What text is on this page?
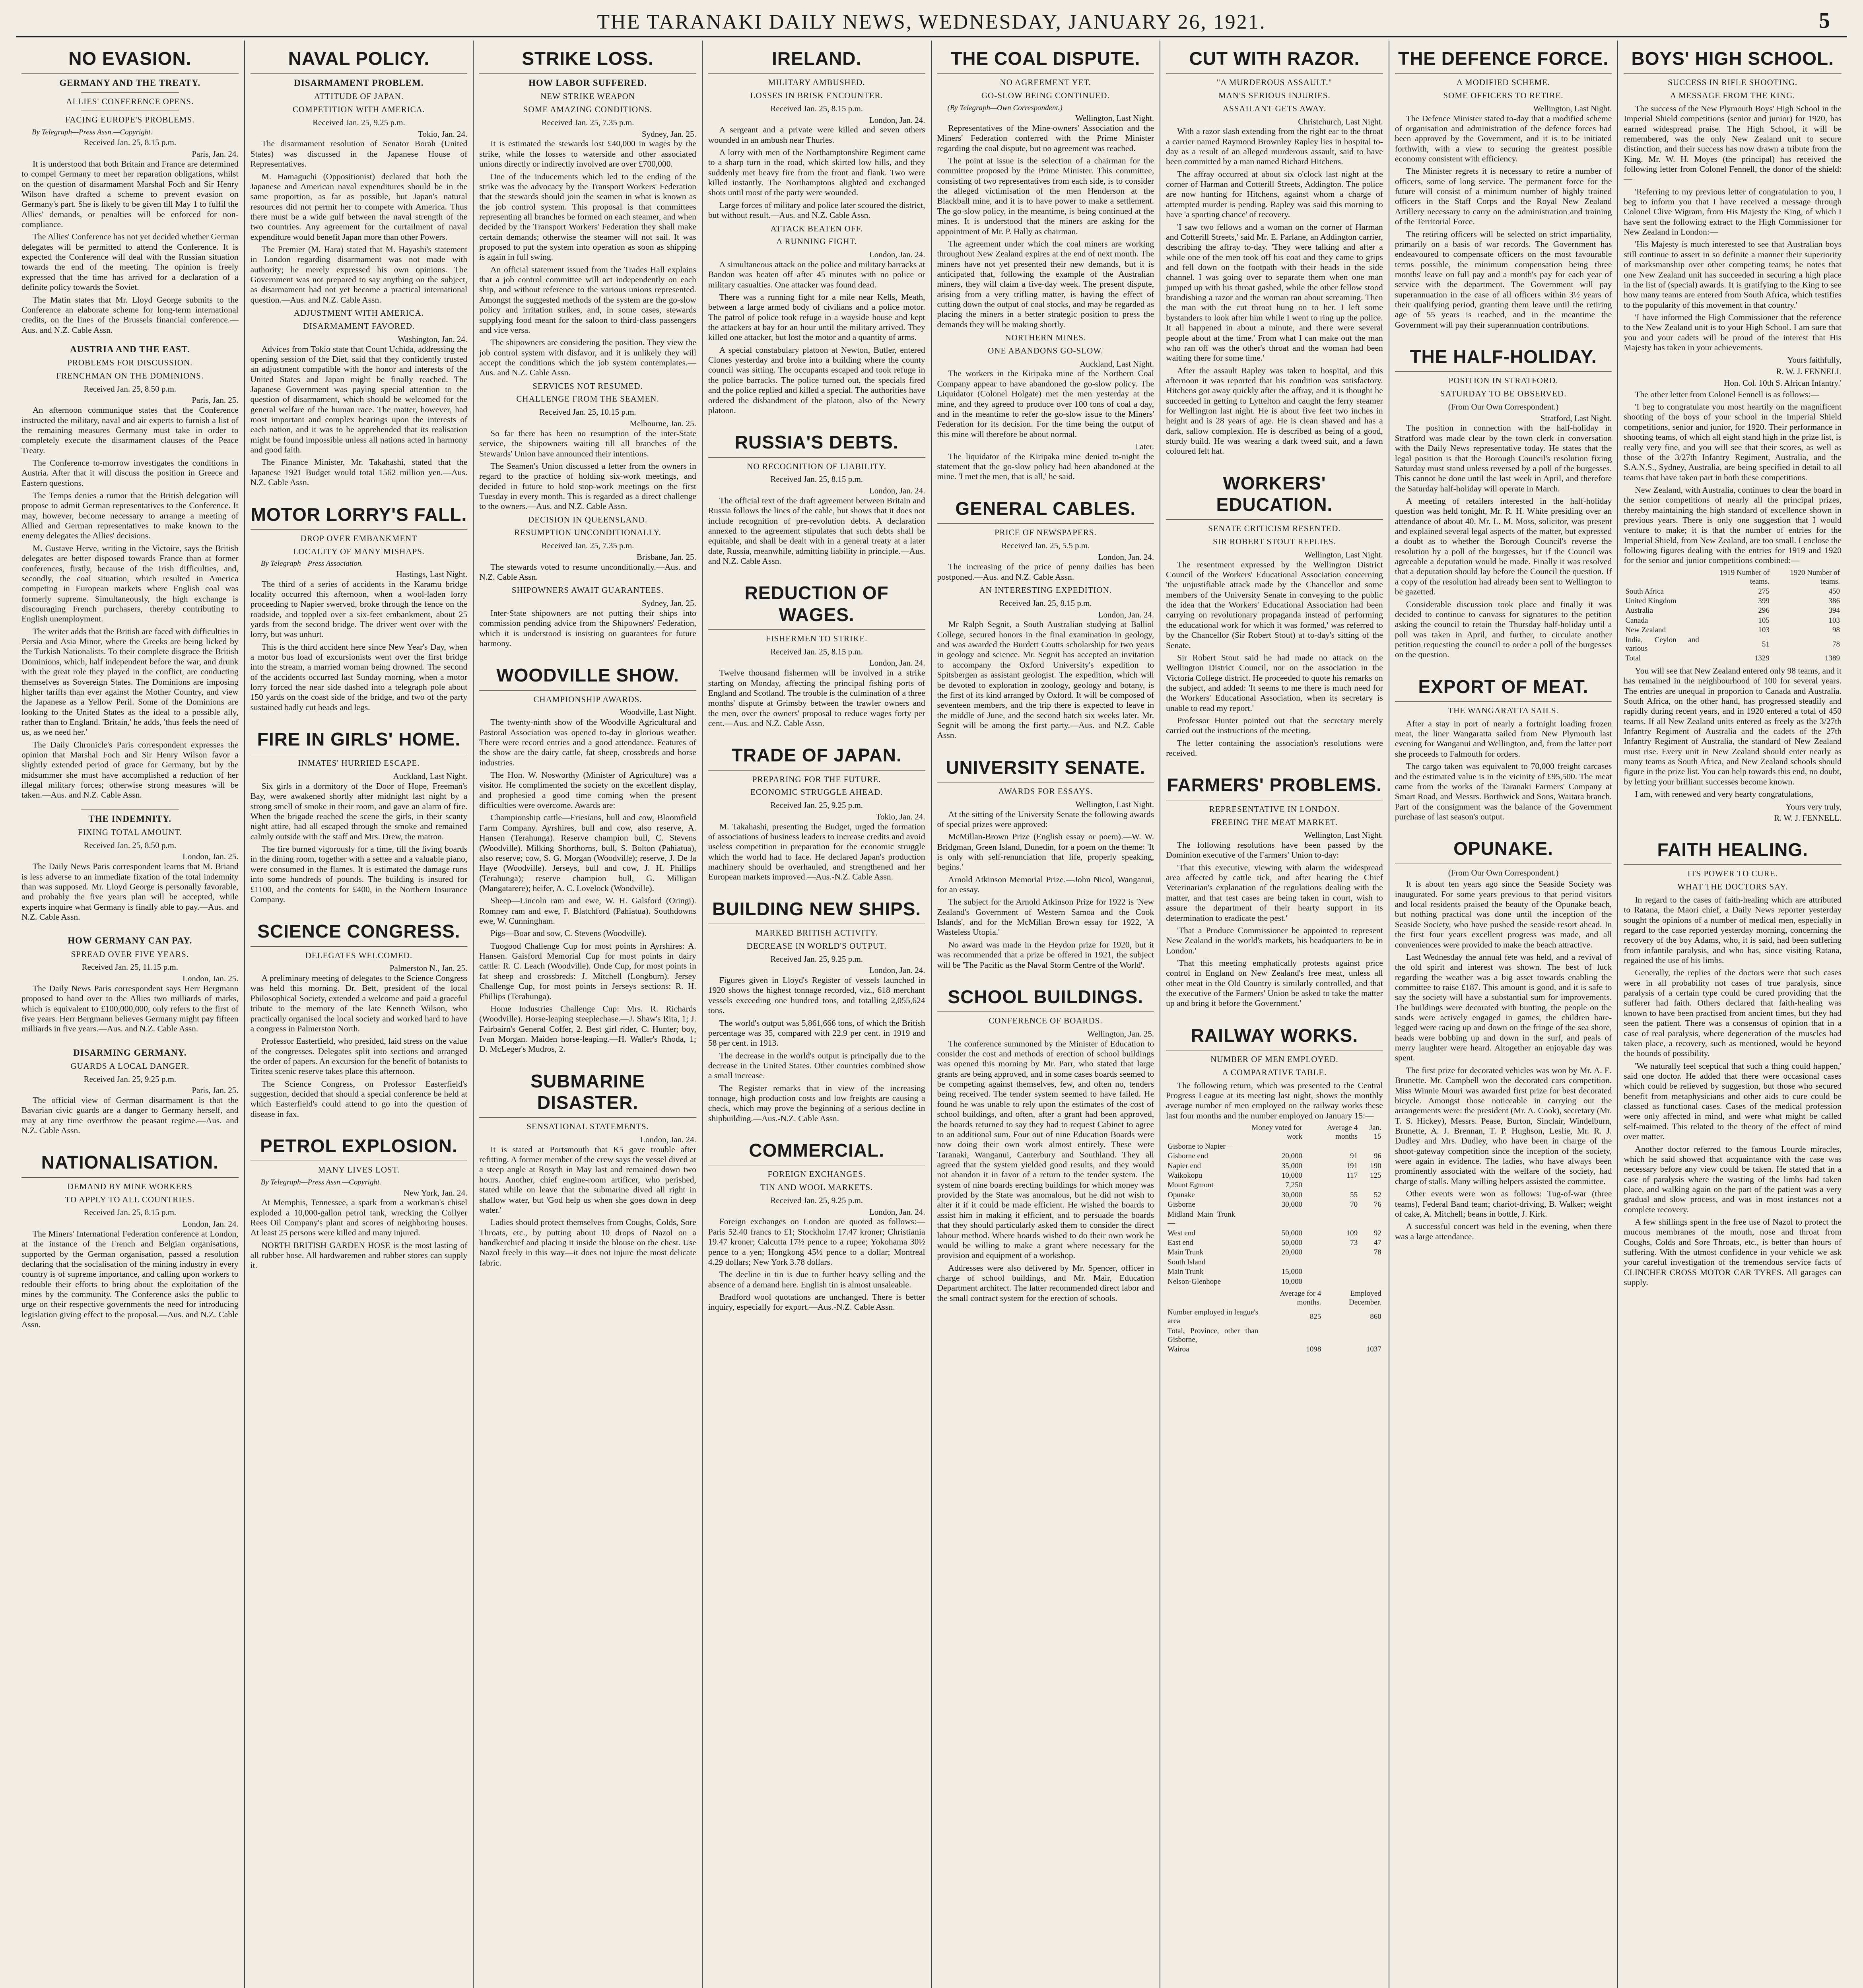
THE TARANAKI DAILY NEWS, WEDNESDAY, JANUARY 26, 1921.	5
NO EVASION.
GERMANY AND THE TREATY.
ALLIES' CONFERENCE OPENS.
FACING EUROPE'S PROBLEMS.
By Telegraph—Press Assn.—Copyright.
Received Jan. 25, 8.15 p.m.
Paris, Jan. 24.

It is understood that both Britain and France are determined to compel Germany to meet her reparation obligations, whilst on the question of disarmament Marshal Foch and Sir Henry Wilson have drafted a scheme to prevent evasion on Germany's part. She is likely to be given till May 1 to fulfil the Allies' demands, or penalties will be enforced for non-compliance.

The Allies' Conference has not yet decided whether German delegates will be permitted to attend the Conference. It is expected the Conference will deal with the Russian situation towards the end of the meeting. The opinion is freely expressed that the time has arrived for a declaration of a definite policy towards the Soviet.

The Matin states that Mr. Lloyd George submits to the Conference an elaborate scheme for long-term international credits, on the lines of the Brussels financial conference.—Aus. and N.Z. Cable Assn.

AUSTRIA AND THE EAST.
PROBLEMS FOR DISCUSSION.
FRENCHMAN ON THE DOMINIONS.
Received Jan. 25, 8.50 p.m.
Paris, Jan. 25.

An afternoon communique states that the Conference instructed the military, naval and air experts to furnish a list of the remaining measures Germany must take in order to completely execute the disarmament clauses of the Peace Treaty.

The Conference to-morrow investigates the conditions in Austria. After that it will discuss the position in Greece and Eastern questions.

The Temps denies a rumor that the British delegation will propose to admit German representatives to the Conference. It may, however, become necessary to arrange a meeting of Allied and German representatives to make known to the enemy delegates the Allies' decisions.

M. Gustave Herve, writing in the Victoire, says the British delegates are better disposed towards France than at former conferences, firstly, because of the Irish difficulties, and, secondly, the coal situation, which resulted in America competing in European markets where English coal was formerly supreme. Simultaneously, the high exchange is discouraging French purchasers, thereby contributing to English unemployment.

The writer adds that the British are faced with difficulties in Persia and Asia Minor, where the Greeks are being licked by the Turkish Nationalists. To their complete disgrace the British Dominions, which, half independent before the war, and drunk with the great role they played in the conflict, are conducting themselves as Sovereign States. The Dominions are imposing higher tariffs than ever against the Mother Country, and view the Japanese as a Yellow Peril. Some of the Dominions are looking to the United States as the ideal to a possible ally, rather than to England. 'Britain,' he adds, 'thus feels the need of us, as we need her.'

The Daily Chronicle's Paris correspondent expresses the opinion that Marshal Foch and Sir Henry Wilson favor a slightly extended period of grace for Germany, but by the midsummer she must have accomplished a reduction of her illegal military forces; otherwise strong measures will be taken.—Aus. and N.Z. Cable Assn.

THE INDEMNITY.
FIXING TOTAL AMOUNT.
Received Jan. 25, 8.50 p.m.
London, Jan. 25.

The Daily News Paris correspondent learns that M. Briand is less adverse to an immediate fixation of the total indemnity than was supposed. Mr. Lloyd George is personally favorable, and probably the five years plan will be accepted, while experts inquire what Germany is finally able to pay.—Aus. and N.Z. Cable Assn.

HOW GERMANY CAN PAY.
SPREAD OVER FIVE YEARS.
Received Jan. 25, 11.15 p.m.
London, Jan. 25.

The Daily News Paris correspondent says Herr Bergmann proposed to hand over to the Allies two milliards of marks, which is equivalent to £100,000,000, only refers to the first of five years. Herr Bergmann believes Germany might pay fifteen milliards in five years.—Aus. and N.Z. Cable Assn.

DISARMING GERMANY.
GUARDS A LOCAL DANGER.
Received Jan. 25, 9.25 p.m.
Paris, Jan. 25.

The official view of German disarmament is that the Bavarian civic guards are a danger to Germany herself, and may at any time overthrow the peasant regime.—Aus. and N.Z. Cable Assn.

NATIONALISATION.
DEMAND BY MINE WORKERS
TO APPLY TO ALL COUNTRIES.
Received Jan. 25, 8.15 p.m.
London, Jan. 24.

The Miners' International Federation conference at London, at the instance of the French and Belgian organisations, supported by the German organisation, passed a resolution declaring that the socialisation of the mining industry in every country is of supreme importance, and calling upon workers to redouble their efforts to bring about the exploitation of the mines by the community. The Conference asks the public to urge on their respective governments the need for introducing legislation giving effect to the proposal.—Aus. and N.Z. Cable Assn.

NAVAL POLICY.
DISARMAMENT PROBLEM.
ATTITUDE OF JAPAN.
COMPETITION WITH AMERICA.
Received Jan. 25, 9.25 p.m.
Tokio, Jan. 24.

The disarmament resolution of Senator Borah (United States) was discussed in the Japanese House of Representatives.

M. Hamaguchi (Oppositionist) declared that both the Japanese and American naval expenditures should be in the same proportion, as far as possible, but Japan's natural resources did not permit her to compete with America. Thus there must be a wide gulf between the naval strength of the two countries. Any agreement for the curtailment of naval expenditure would benefit Japan more than other Powers.

The Premier (M. Hara) stated that M. Hayashi's statement in London regarding disarmament was not made with authority; he merely expressed his own opinions. The Government was not prepared to say anything on the subject, as disarmament had not yet become a practical international question.—Aus. and N.Z. Cable Assn.

ADJUSTMENT WITH AMERICA.
DISARMAMENT FAVORED.
Washington, Jan. 24.

Advices from Tokio state that Count Uchida, addressing the opening session of the Diet, said that they confidently trusted an adjustment compatible with the honor and interests of the United States and Japan might be finally reached. The Japanese Government was paying special attention to the question of disarmament, which should be welcomed for the general welfare of the human race. The matter, however, had most important and complex bearings upon the interests of each nation, and it was to be apprehended that its realisation might be found impossible unless all nations acted in harmony and good faith.

The Finance Minister, Mr. Takahashi, stated that the Japanese 1921 Budget would total 1562 million yen.—Aus. N.Z. Cable Assn.

MOTOR LORRY'S FALL.
DROP OVER EMBANKMENT
LOCALITY OF MANY MISHAPS.
By Telegraph—Press Association.
Hastings, Last Night.

The third of a series of accidents in the Karamu bridge locality occurred this afternoon, when a wool-laden lorry proceeding to Napier swerved, broke through the fence on the roadside, and toppled over a six-feet embankment, about 25 yards from the second bridge. The driver went over with the lorry, but was unhurt.

This is the third accident here since New Year's Day, when a motor bus load of excursionists went over the first bridge into the stream, a married woman being drowned. The second of the accidents occurred last Sunday morning, when a motor lorry forced the near side dashed into a telegraph pole about 150 yards on the coast side of the bridge, and two of the party sustained badly cut heads and legs.

FIRE IN GIRLS' HOME.
INMATES' HURRIED ESCAPE.
Auckland, Last Night.

Six girls in a dormitory of the Door of Hope, Freeman's Bay, were awakened shortly after midnight last night by a strong smell of smoke in their room, and gave an alarm of fire. When the brigade reached the scene the girls, in their scanty night attire, had all escaped through the smoke and remained calmly outside with the staff and Mrs. Drew, the matron.

The fire burned vigorously for a time, till the living boards in the dining room, together with a settee and a valuable piano, were consumed in the flames. It is estimated the damage runs into some hundreds of pounds. The building is insured for £1100, and the contents for £400, in the Northern Insurance Company.

SCIENCE CONGRESS.
DELEGATES WELCOMED.
Palmerston N., Jan. 25.

A preliminary meeting of delegates to the Science Congress was held this morning. Dr. Bett, president of the local Philosophical Society, extended a welcome and paid a graceful tribute to the memory of the late Kenneth Wilson, who practically organised the local society and worked hard to have a congress in Palmerston North.

Professor Easterfield, who presided, laid stress on the value of the congresses. Delegates split into sections and arranged the order of papers. An excursion for the benefit of botanists to Tiritea scenic reserve takes place this afternoon.

The Science Congress, on Professor Easterfield's suggestion, decided that should a special conference be held at which Easterfield's could attend to go into the question of disease in fax.

PETROL EXPLOSION.
MANY LIVES LOST.
By Telegraph—Press Assn.—Copyright.
New York, Jan. 24.

At Memphis, Tennessee, a spark from a workman's chisel exploded a 10,000-gallon petrol tank, wrecking the Collyer Rees Oil Company's plant and scores of neighboring houses. At least 25 persons were killed and many injured.

NORTH BRITISH GARDEN HOSE is the most lasting of all rubber hose. All hardwaremen and rubber stores can supply it.

STRIKE LOSS.
HOW LABOR SUFFERED.
NEW STRIKE WEAPON
SOME AMAZING CONDITIONS.
Received Jan. 25, 7.35 p.m.
Sydney, Jan. 25.

It is estimated the stewards lost £40,000 in wages by the strike, while the losses to waterside and other associated unions directly or indirectly involved are over £700,000.

One of the inducements which led to the ending of the strike was the advocacy by the Transport Workers' Federation that the stewards should join the seamen in what is known as the job control system. This proposal is that committees representing all branches be formed on each steamer, and when decided by the Transport Workers' Federation they shall make certain demands; otherwise the steamer will not sail. It was proposed to put the system into operation as soon as shipping is again in full swing.

An official statement issued from the Trades Hall explains that a job control committee will act independently on each ship, and without reference to the various unions represented. Amongst the suggested methods of the system are the go-slow policy and irritation strikes, and, in some cases, stewards supplying food meant for the saloon to third-class passengers and vice versa.

The shipowners are considering the position. They view the job control system with disfavor, and it is unlikely they will accept the conditions which the job system contemplates.—Aus. and N.Z. Cable Assn.

SERVICES NOT RESUMED.
CHALLENGE FROM THE SEAMEN.
Received Jan. 25, 10.15 p.m.
Melbourne, Jan. 25.

So far there has been no resumption of the inter-State service, the shipowners waiting till all branches of the Stewards' Union have announced their intentions.

The Seamen's Union discussed a letter from the owners in regard to the practice of holding six-work meetings, and decided in future to hold stop-work meetings on the first Tuesday in every month. This is regarded as a direct challenge to the owners.—Aus. and N.Z. Cable Assn.

DECISION IN QUEENSLAND.
RESUMPTION UNCONDITIONALLY.
Received Jan. 25, 7.35 p.m.
Brisbane, Jan. 25.

The stewards voted to resume unconditionally.—Aus. and N.Z. Cable Assn.

SHIPOWNERS AWAIT GUARANTEES.
Sydney, Jan. 25.

Inter-State shipowners are not putting their ships into commission pending advice from the Shipowners' Federation, which it is understood is insisting on guarantees for future harmony.

WOODVILLE SHOW.
CHAMPIONSHIP AWARDS.
Woodville, Last Night.

The twenty-ninth show of the Woodville Agricultural and Pastoral Association was opened to-day in glorious weather. There were record entries and a good attendance. Features of the show are the dairy cattle, fat sheep, crossbreds and horse industries.

The Hon. W. Nosworthy (Minister of Agriculture) was a visitor. He complimented the society on the excellent display, and prophesied a good time coming when the present difficulties were overcome. Awards are:

Championship cattle—Friesians, bull and cow, Bloomfield Farm Company. Ayrshires, bull and cow, also reserve, A. Hansen (Terahunga). Reserve champion bull, C. Stevens (Woodville). Milking Shorthorns, bull, S. Bolton (Pahiatua), also reserve; cow, S. G. Morgan (Woodville); reserve, J. De la Haye (Woodville). Jerseys, bull and cow, J. H. Phillips (Terahunga); reserve champion bull, G. Milligan (Mangatarere); heifer, A. C. Lovelock (Woodville).

Sheep—Lincoln ram and ewe, W. H. Galsford (Oringi). Romney ram and ewe, F. Blatchford (Pahiatua). Southdowns ewe, W. Cunningham.

Pigs—Boar and sow, C. Stevens (Woodville).

Tuogood Challenge Cup for most points in Ayrshires: A. Hansen. Gaisford Memorial Cup for most points in dairy cattle: R. C. Leach (Woodville). Onde Cup, for most points in fat sheep and crossbreds: J. Mitchell (Longburn). Jersey Challenge Cup, for most points in Jerseys sections: R. H. Phillips (Terahunga).

Home Industries Challenge Cup: Mrs. R. Richards (Woodville). Horse-leaping steeplechase.—J. Shaw's Rita, 1; J. Fairbairn's General Coffer, 2. Best girl rider, C. Hunter; boy, Ivan Morgan. Maiden horse-leaping.—H. Waller's Rhoda, 1; D. McLeger's Mudros, 2.

SUBMARINE DISASTER.
SENSATIONAL STATEMENTS.
London, Jan. 24.

It is stated at Portsmouth that K5 gave trouble after refitting. A former member of the crew says the vessel dived at a steep angle at Rosyth in May last and remained down two hours. Another, chief engine-room artificer, who perished, stated while on leave that the submarine dived all right in shallow water, but 'God help us when she goes down in deep water.'

Ladies should protect themselves from Coughs, Colds, Sore Throats, etc., by putting about 10 drops of Nazol on a handkerchief and placing it inside the blouse on the chest. Use Nazol freely in this way—it does not injure the most delicate fabric.

IRELAND.
MILITARY AMBUSHED.
LOSSES IN BRISK ENCOUNTER.
Received Jan. 25, 8.15 p.m.
London, Jan. 24.

A sergeant and a private were killed and seven others wounded in an ambush near Thurles.

A lorry with men of the Northamptonshire Regiment came to a sharp turn in the road, which skirted low hills, and they suddenly met heavy fire from the front and flank. Two were killed instantly. The Northamptons alighted and exchanged shots until most of the party were wounded.

Large forces of military and police later scoured the district, but without result.—Aus. and N.Z. Cable Assn.

ATTACK BEATEN OFF.
A RUNNING FIGHT.
London, Jan. 24.

A simultaneous attack on the police and military barracks at Bandon was beaten off after 45 minutes with no police or military casualties. One attacker was found dead.

There was a running fight for a mile near Kells, Meath, between a large armed body of civilians and a police motor. The patrol of police took refuge in a wayside house and kept the attackers at bay for an hour until the military arrived. They killed one attacker, but lost the motor and a quantity of arms.

A special constabulary platoon at Newton, Butler, entered Clones yesterday and broke into a building where the county council was sitting. The occupants escaped and took refuge in the police barracks. The police turned out, the specials fired and the police replied and killed a special. The authorities have ordered the disbandment of the platoon, also of the Newry platoon.

RUSSIA'S DEBTS.
NO RECOGNITION OF LIABILITY.
Received Jan. 25, 8.15 p.m.
London, Jan. 24.

The official text of the draft agreement between Britain and Russia follows the lines of the cable, but shows that it does not include recognition of pre-revolution debts. A declaration annexed to the agreement stipulates that such debts shall be equitable, and shall be dealt with in a general treaty at a later date, Russia, meanwhile, admitting liability in principle.—Aus. and N.Z. Cable Assn.

REDUCTION OF WAGES.
FISHERMEN TO STRIKE.
Received Jan. 25, 8.15 p.m.
London, Jan. 24.

Twelve thousand fishermen will be involved in a strike starting on Monday, affecting the principal fishing ports of England and Scotland. The trouble is the culmination of a three months' dispute at Grimsby between the trawler owners and the men, over the owners' proposal to reduce wages forty per cent.—Aus. and N.Z. Cable Assn.

TRADE OF JAPAN.
PREPARING FOR THE FUTURE.
ECONOMIC STRUGGLE AHEAD.
Received Jan. 25, 9.25 p.m.
Tokio, Jan. 24.

M. Takahashi, presenting the Budget, urged the formation of associations of business leaders to increase credits and avoid useless competition in preparation for the economic struggle which the world had to face. He declared Japan's production machinery should be overhauled, and strengthened and her European markets improved.—Aus.-N.Z. Cable Assn.

BUILDING NEW SHIPS.
MARKED BRITISH ACTIVITY.
DECREASE IN WORLD'S OUTPUT.
Received Jan. 25, 9.25 p.m.
London, Jan. 24.

Figures given in Lloyd's Register of vessels launched in 1920 shows the highest tonnage recorded, viz., 618 merchant vessels exceeding one hundred tons, and totalling 2,055,624 tons.

The world's output was 5,861,666 tons, of which the British percentage was 35, compared with 22.9 per cent. in 1919 and 58 per cent. in 1913.

The decrease in the world's output is principally due to the decrease in the United States. Other countries combined show a small increase.

The Register remarks that in view of the increasing tonnage, high production costs and low freights are causing a check, which may prove the beginning of a serious decline in shipbuilding.—Aus.-N.Z. Cable Assn.

COMMERCIAL.
FOREIGN EXCHANGES.
TIN AND WOOL MARKETS.
Received Jan. 25, 9.25 p.m.
London, Jan. 24.

Foreign exchanges on London are quoted as follows:—Paris 52.40 francs to £1; Stockholm 17.47 kroner; Christiania 19.47 kroner; Calcutta 17½ pence to a rupee; Yokohama 30½ pence to a yen; Hongkong 45½ pence to a dollar; Montreal 4.29 dollars; New York 3.78 dollars.

The decline in tin is due to further heavy selling and the absence of a demand here. English tin is almost unsaleable.

Bradford wool quotations are unchanged. There is better inquiry, especially for export.—Aus.-N.Z. Cable Assn.

THE COAL DISPUTE.
NO AGREEMENT YET.
GO-SLOW BEING CONTINUED.
(By Telegraph—Own Correspondent.)
Wellington, Last Night.

Representatives of the Mine-owners' Association and the Miners' Federation conferred with the Prime Minister regarding the coal dispute, but no agreement was reached.

The point at issue is the selection of a chairman for the committee proposed by the Prime Minister. This committee, consisting of two representatives from each side, is to consider the alleged victimisation of the men Henderson at the Blackball mine, and it is to have power to make a settlement. The go-slow policy, in the meantime, is being continued at the mines. It is understood that the miners are asking for the appointment of Mr. P. Hally as chairman.

The agreement under which the coal miners are working throughout New Zealand expires at the end of next month. The miners have not yet presented their new demands, but it is anticipated that, following the example of the Australian miners, they will claim a five-day week. The present dispute, arising from a very trifling matter, is having the effect of cutting down the output of coal stocks, and may be regarded as placing the miners in a better strategic position to press the demands they will be making shortly.

NORTHERN MINES.
ONE ABANDONS GO-SLOW.
Auckland, Last Night.

The workers in the Kiripaka mine of the Northern Coal Company appear to have abandoned the go-slow policy. The Liquidator (Colonel Holgate) met the men yesterday at the mine, and they agreed to produce over 100 tons of coal a day, and in the meantime to refer the go-slow issue to the Miners' Federation for its decision. For the time being the output of this mine will therefore be about normal.

Later.

The liquidator of the Kiripaka mine denied to-night the statement that the go-slow policy had been abandoned at the mine. 'I met the men, that is all,' he said.

GENERAL CABLES.
PRICE OF NEWSPAPERS.
Received Jan. 25, 5.5 p.m.
London, Jan. 24.

The increasing of the price of penny dailies has been postponed.—Aus. and N.Z. Cable Assn.

AN INTERESTING EXPEDITION.
Received Jan. 25, 8.15 p.m.
London, Jan. 24.

Mr Ralph Segnit, a South Australian studying at Balliol College, secured honors in the final examination in geology, and was awarded the Burdett Coutts scholarship for two years in geology and science. Mr. Segnit has accepted an invitation to accompany the Oxford University's expedition to Spitsbergen as assistant geologist. The expedition, which will be devoted to exploration in zoology, geology and botany, is the first of its kind arranged by Oxford. It will be composed of seventeen members, and the trip there is expected to leave in the middle of June, and the second batch six weeks later. Mr. Segnit will be among the first party.—Aus. and N.Z. Cable Assn.

UNIVERSITY SENATE.
AWARDS FOR ESSAYS.
Wellington, Last Night.

At the sitting of the University Senate the following awards of special prizes were approved:

McMillan-Brown Prize (English essay or poem).—W. W. Bridgman, Green Island, Dunedin, for a poem on the theme: 'It is only with self-renunciation that life, properly speaking, begins.'

Arnold Atkinson Memorial Prize.—John Nicol, Wanganui, for an essay.

The subject for the Arnold Atkinson Prize for 1922 is 'New Zealand's Government of Western Samoa and the Cook Islands', and for the McMillan Brown essay for 1922, 'A Wasteless Utopia.'

No award was made in the Heydon prize for 1920, but it was recommended that a prize be offered in 1921, the subject will be 'The Pacific as the Naval Storm Centre of the World'.

SCHOOL BUILDINGS.
CONFERENCE OF BOARDS.
Wellington, Jan. 25.

The conference summoned by the Minister of Education to consider the cost and methods of erection of school buildings was opened this morning by Mr. Parr, who stated that large grants are being approved, and in some cases boards seemed to be competing against themselves, few, and often no, tenders being received. The tender system seemed to have failed. He found he was unable to rely upon the estimates of the cost of school buildings, and often, after a grant had been approved, the boards returned to say they had to request Cabinet to agree to an additional sum. Four out of nine Education Boards were now doing their own work almost entirely. These were Taranaki, Wanganui, Canterbury and Southland. They all agreed that the system yielded good results, and they would not abandon it in favor of a return to the tender system. The system of nine boards erecting buildings for which money was provided by the State was anomalous, but he did not wish to alter it if it could be made efficient. He wished the boards to assist him in making it efficient, and to persuade the boards that they should particularly asked them to consider the direct labour method. Where boards wished to do their own work he would be willing to make a grant where necessary for the provision and equipment of a workshop.

Addresses were also delivered by Mr. Spencer, officer in charge of school buildings, and Mr. Mair, Education Department architect. The latter recommended direct labor and the small contract system for the erection of schools.

CUT WITH RAZOR.
"A MURDEROUS ASSAULT."
MAN'S SERIOUS INJURIES.
ASSAILANT GETS AWAY.
Christchurch, Last Night.

With a razor slash extending from the right ear to the throat a carrier named Raymond Brownley Rapley lies in hospital to-day as a result of an alleged murderous assault, said to have been committed by a man named Richard Hitchens.

The affray occurred at about six o'clock last night at the corner of Harman and Cotterill Streets, Addington. The police are now hunting for Hitchens, against whom a charge of attempted murder is pending. Rapley was said this morning to have 'a sporting chance' of recovery.

'I saw two fellows and a woman on the corner of Harman and Cotterill Streets,' said Mr. E. Parlane, an Addington carrier, describing the affray to-day. 'They were talking and after a while one of the men took off his coat and they came to grips and fell down on the footpath with their heads in the side channel. I was going over to separate them when one man jumped up with his throat gashed, while the other fellow stood brandishing a razor and the woman ran about screaming. Then the man with the cut throat hung on to her. I left some bystanders to look after him while I went to ring up the police. It all happened in about a minute, and there were several people about at the time.' From what I can make out the man who ran off was the other's throat and the woman had been waiting there for some time.'

After the assault Rapley was taken to hospital, and this afternoon it was reported that his condition was satisfactory. Hitchens got away quickly after the affray, and it is thought he succeeded in getting to Lyttelton and caught the ferry steamer for Wellington last night. He is about five feet two inches in height and is 28 years of age. He is clean shaved and has a dark, sallow complexion. He is described as being of a good, sturdy build. He was wearing a dark tweed suit, and a fawn coloured felt hat.

WORKERS' EDUCATION.
SENATE CRITICISM RESENTED.
SIR ROBERT STOUT REPLIES.
Wellington, Last Night.

The resentment expressed by the Wellington District Council of the Workers' Educational Association concerning 'the unjustifiable attack made by the Chancellor and some members of the University Senate in conveying to the public the idea that the Workers' Educational Association had been carrying on revolutionary propaganda instead of performing the educational work for which it was formed,' was referred to by the Chancellor (Sir Robert Stout) at to-day's sitting of the Senate.

Sir Robert Stout said he had made no attack on the Wellington District Council, nor on the association in the Victoria College district. He proceeded to quote his remarks on the subject, and added: 'It seems to me there is much need for the Workers' Educational Association, when its secretary is unable to read my report.'

Professor Hunter pointed out that the secretary merely carried out the instructions of the meeting.

The letter containing the association's resolutions were received.

FARMERS' PROBLEMS.
REPRESENTATIVE IN LONDON.
FREEING THE MEAT MARKET.
Wellington, Last Night.

The following resolutions have been passed by the Dominion executive of the Farmers' Union to-day:

'That this executive, viewing with alarm the widespread area affected by cattle tick, and after hearing the Chief Veterinarian's explanation of the regulations dealing with the matter, and that test cases are being taken in court, wish to assure the department of their hearty support in its determination to eradicate the pest.'

'That a Produce Commissioner be appointed to represent New Zealand in the world's markets, his headquarters to be in London.'

'That this meeting emphatically protests against price control in England on New Zealand's free meat, unless all other meat in the Old Country is similarly controlled, and that the executive of the Farmers' Union be asked to take the matter up and bring it before the Government.'

RAILWAY WORKS.
NUMBER OF MEN EMPLOYED.
A COMPARATIVE TABLE.

The following return, which was presented to the Central Progress League at its meeting last night, shows the monthly average number of men employed on the railway works these last four months and the number employed on January 15:—

	Money voted for work	Average 4 months	Jan. 15
Gisborne to Napier—			
Gisborne end	20,000	91	96
Napier end	35,000	191	190
Waikokopu	10,000	117	125
Mount Egmont	7,250		
Opunake	30,000	55	52
Gisborne	30,000	70	76
Midland Main Trunk—			
West end	50,000	109	92
East end	50,000	73	47
Main Trunk	20,000		78
South Island			
Main Trunk	15,000		
Nelson-Glenhope	10,000		
		Average for 4 months.	Employed December.
Number employed in league's area		825	860
Total, Province, other than Gisborne,			
Wairoa		1098	1037
THE DEFENCE FORCE.
A MODIFIED SCHEME.
SOME OFFICERS TO RETIRE.
Wellington, Last Night.

The Defence Minister stated to-day that a modified scheme of organisation and administration of the defence forces had been approved by the Government, and it is to be initiated forthwith, with a view to securing the greatest possible economy consistent with efficiency.

The Minister regrets it is necessary to retire a number of officers, some of long service. The permanent force for the future will consist of a minimum number of highly trained officers in the Staff Corps and the Royal New Zealand Artillery necessary to carry on the administration and training of the Territorial Force.

The retiring officers will be selected on strict impartiality, primarily on a basis of war records. The Government has endeavoured to compensate officers on the most favourable terms possible, the minimum compensation being three months' leave on full pay and a month's pay for each year of service with the department. The Government will pay superannuation in the case of all officers within 3½ years of their qualifying period, granting them leave until the retiring age of 55 years is reached, and in the meantime the Government will pay their superannuation contributions.

THE HALF-HOLIDAY.
POSITION IN STRATFORD.
SATURDAY TO BE OBSERVED.
(From Our Own Correspondent.)
Stratford, Last Night.

The position in connection with the half-holiday in Stratford was made clear by the town clerk in conversation with the Daily News representative today. He states that the legal position is that the Borough Council's resolution fixing Saturday must stand unless reversed by a poll of the burgesses. This cannot be done until the last week in April, and therefore the Saturday half-holiday will operate in March.

A meeting of retailers interested in the half-holiday question was held tonight, Mr. R. H. White presiding over an attendance of about 40. Mr. L. M. Moss, solicitor, was present and explained several legal aspects of the matter, but expressed a doubt as to whether the Borough Council's reverse the resolution by a poll of the burgesses, but if the Council was agreeable a deputation would be made. Finally it was resolved that a deputation should lay before the Council the question. If a copy of the resolution had already been sent to Wellington to be gazetted.

Considerable discussion took place and finally it was decided to continue to canvass for signatures to the petition asking the council to retain the Thursday half-holiday until a poll was taken in April, and further, to circulate another petition requesting the council to order a poll of the burgesses on the question.

EXPORT OF MEAT.
THE WANGARATTA SAILS.

After a stay in port of nearly a fortnight loading frozen meat, the liner Wangaratta sailed from New Plymouth last evening for Wanganui and Wellington, and, from the latter port she proceeds to Falmouth for orders.

The cargo taken was equivalent to 70,000 freight carcases and the estimated value is in the vicinity of £95,500. The meat came from the works of the Taranaki Farmers' Company at Smart Road, and Messrs. Borthwick and Sons, Waitara branch. Part of the consignment was the balance of the Government purchase of last season's output.

OPUNAKE.
(From Our Own Correspondent.)

It is about ten years ago since the Seaside Society was inaugurated. For some years previous to that period visitors and local residents praised the beauty of the Opunake beach, but nothing practical was done until the inception of the Seaside Society, who have pushed the seaside resort ahead. In the first four years excellent progress was made, and all conveniences were provided to make the beach attractive.

Last Wednesday the annual fete was held, and a revival of the old spirit and interest was shown. The best of luck regarding the weather was a big asset towards enabling the committee to raise £187. This amount is good, and it is safe to say the society will have a substantial sum for improvements. The buildings were decorated with bunting, the people on the sands were actively engaged in games, the children bare-legged were racing up and down on the fringe of the sea shore, heads were bobbing up and down in the surf, and peals of merry laughter were heard. Altogether an enjoyable day was spent.

The first prize for decorated vehicles was won by Mr. A. E. Brunette. Mr. Campbell won the decorated cars competition. Miss Winnie Mouri was awarded first prize for best decorated bicycle. Amongst those noticeable in carrying out the arrangements were: the president (Mr. A. Cook), secretary (Mr. T. S. Hickey), Messrs. Pease, Burton, Sinclair, Windelburn, Brunette, A. J. Brennan, T. P. Hughson, Leslie, Mr. R. J. Dudley and Mrs. Dudley, who have been in charge of the shoot-gateway competition since the inception of the society, were again in evidence. The ladies, who have always been prominently associated with the welfare of the society, had charge of stalls. Many willing helpers assisted the committee.

Other events were won as follows: Tug-of-war (three teams), Federal Band team; chariot-driving, B. Walker; weight of cake, A. Mitchell; beans in bottle, J. Kirk.

A successful concert was held in the evening, when there was a large attendance.

BOYS' HIGH SCHOOL.
SUCCESS IN RIFLE SHOOTING.
A MESSAGE FROM THE KING.

The success of the New Plymouth Boys' High School in the Imperial Shield competitions (senior and junior) for 1920, has earned widespread praise. The High School, it will be remembered, was the only New Zealand unit to secure distinction, and their success has now drawn a tribute from the King. Mr. W. H. Moyes (the principal) has received the following letter from Colonel Fennell, the donor of the shield:—

'Referring to my previous letter of congratulation to you, I beg to inform you that I have received a message through Colonel Clive Wigram, from His Majesty the King, of which I have sent the following extract to the High Commissioner for New Zealand in London:—

'His Majesty is much interested to see that Australian boys still continue to assert in so definite a manner their superiority of marksmanship over other competing teams; he notes that one New Zealand unit has succeeded in securing a high place in the list of (special) awards. It is gratifying to the King to see how many teams are entered from South Africa, which testifies to the popularity of this movement in that country.'

'I have informed the High Commissioner that the reference to the New Zealand unit is to your High School. I am sure that you and your cadets will be proud of the interest that His Majesty has taken in your achievements.

Yours faithfully,
R. W. J. FENNELL
Hon. Col. 10th S. African Infantry.'

The other letter from Colonel Fennell is as follows:—

'I beg to congratulate you most heartily on the magnificent shooting of the boys of your school in the Imperial Shield competitions, senior and junior, for 1920. Their performance in shooting teams, of which all eight stand high in the prize list, is really very fine, and you will see that their scores, as well as those of the 3/27th Infantry Regiment, Australia, and the S.A.N.S., Sydney, Australia, are being specified in detail to all teams that have taken part in both these competitions.

New Zealand, with Australia, continues to clear the board in the senior competitions of nearly all the principal prizes, thereby maintaining the high standard of excellence shown in previous years. There is only one suggestion that I would venture to make; it is that the number of entries for the Imperial Shield, from New Zealand, are too small. I enclose the following figures dealing with the entries for 1919 and 1920 for the senior and junior competitions combined:—

	1919 Number of teams.	1920 Number of teams.
South Africa	275	450
United Kingdom	399	386
Australia	296	394
Canada	105	103
New Zealand	103	98
India, Ceylon and various	51	78
Total	1329	1389

You will see that New Zealand entered only 98 teams, and it has remained in the neighbourhood of 100 for several years. The entries are unequal in proportion to Canada and Australia. South Africa, on the other hand, has progressed steadily and rapidly during recent years, and in 1920 entered a total of 450 teams. If all New Zealand units entered as freely as the 3/27th Infantry Regiment of Australia and the cadets of the 27th Infantry Regiment of Australia, the standard of New Zealand must rise. Every unit in New Zealand should enter nearly as many teams as South Africa, and New Zealand schools should figure in the prize list. You can help towards this end, no doubt, by letting your brilliant successes become known.

I am, with renewed and very hearty congratulations,

Yours very truly,
R. W. J. FENNELL.
FAITH HEALING.
ITS POWER TO CURE.
WHAT THE DOCTORS SAY.

In regard to the cases of faith-healing which are attributed to Ratana, the Maori chief, a Daily News reporter yesterday sought the opinions of a number of medical men, especially in regard to the case reported yesterday morning, concerning the recovery of the boy Adams, who, it is said, had been suffering from infantile paralysis, and who has, since visiting Ratana, regained the use of his limbs.

Generally, the replies of the doctors were that such cases were in all probability not cases of true paralysis, since paralysis of a certain type could be cured providing that the sufferer had faith. Others declared that faith-healing was known to have been practised from ancient times, but they had seen the patient. There was a consensus of opinion that in a case of real paralysis, where degeneration of the muscles had taken place, a recovery, such as mentioned, would be beyond the bounds of possibility.

'We naturally feel sceptical that such a thing could happen,' said one doctor. He added that there were occasional cases which could be relieved by suggestion, but those who secured benefit from metaphysicians and other aids to cure could be classed as functional cases. Cases of the medical profession were only affected in mind, and were what might be called self-maimed. This related to the theory of the effect of mind over matter.

Another doctor referred to the famous Lourde miracles, which he said showed that acquaintance with the case was necessary before any view could be taken. He stated that in a case of paralysis where the wasting of the limbs had taken place, and walking again on the part of the patient was a very gradual and slow process, and was in most instances not a complete recovery.

A few shillings spent in the free use of Nazol to protect the mucous membranes of the mouth, nose and throat from Coughs, Colds and Sore Throats, etc., is better than hours of suffering. With the utmost confidence in your vehicle we ask your careful investigation of the tremendous service facts of CLINCHER CROSS MOTOR CAR TYRES. All garages can supply.
